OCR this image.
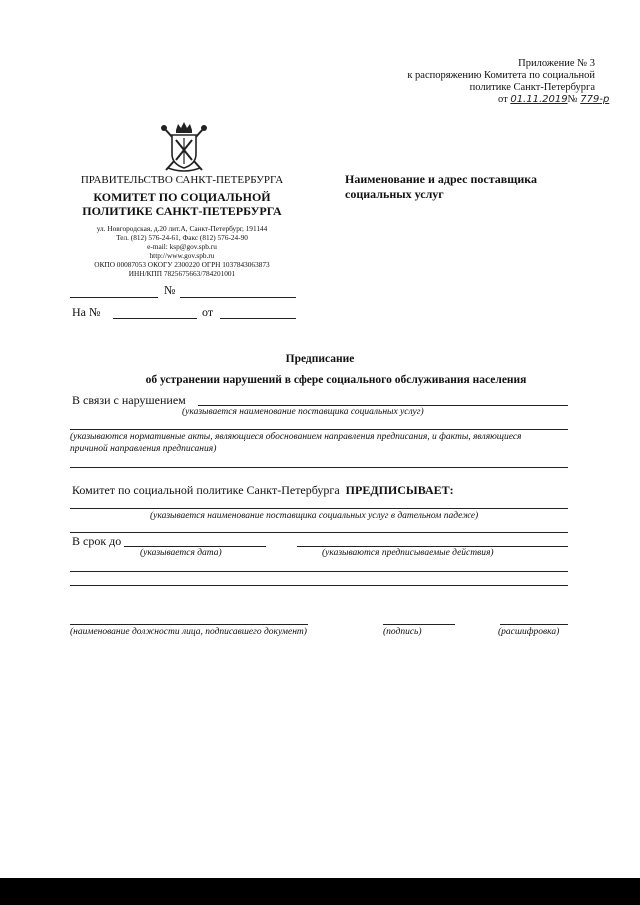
Приложение № 3
к распоряжению Комитета по социальной
политике Санкт-Петербурга
от 01.11.2019№ 779-р
ПРАВИТЕЛЬСТВО САНКТ-ПЕТЕРБУРГА
КОМИТЕТ ПО СОЦИАЛЬНОЙ
ПОЛИТИКЕ САНКТ-ПЕТЕРБУРГА
ул. Новгородская, д.20 лит.А, Санкт-Петербург, 191144
Тел. (812) 576-24-61, Факс (812) 576-24-90
e-mail: ksp@gov.spb.ru
http://www.gov.spb.ru
ОКПО 00087053 ОКОГУ 2300220 ОГРН 1037843063873
ИНН/КПП 7825675663/784201001
№
На №	от
Наименование и адрес поставщика
социальных услуг
Предписание
об устранении нарушений в сфере социального обслуживания населения
В связи с нарушением
(указывается наименование поставщика социальных услуг)
(указываются нормативные акты, являющиеся обоснованием направления предписания, и факты, являющиеся
причиной направления предписания)
Комитет по социальной политике Санкт-Петербурга ПРЕДПИСЫВАЕТ:
(указывается наименование поставщика социальных услуг в дательном падеже)
В срок до
(указывается дата)	(указываются предписываемые действия)
(наименование должности лица, подписавшего документ)	(подпись)	(расшифровка)
